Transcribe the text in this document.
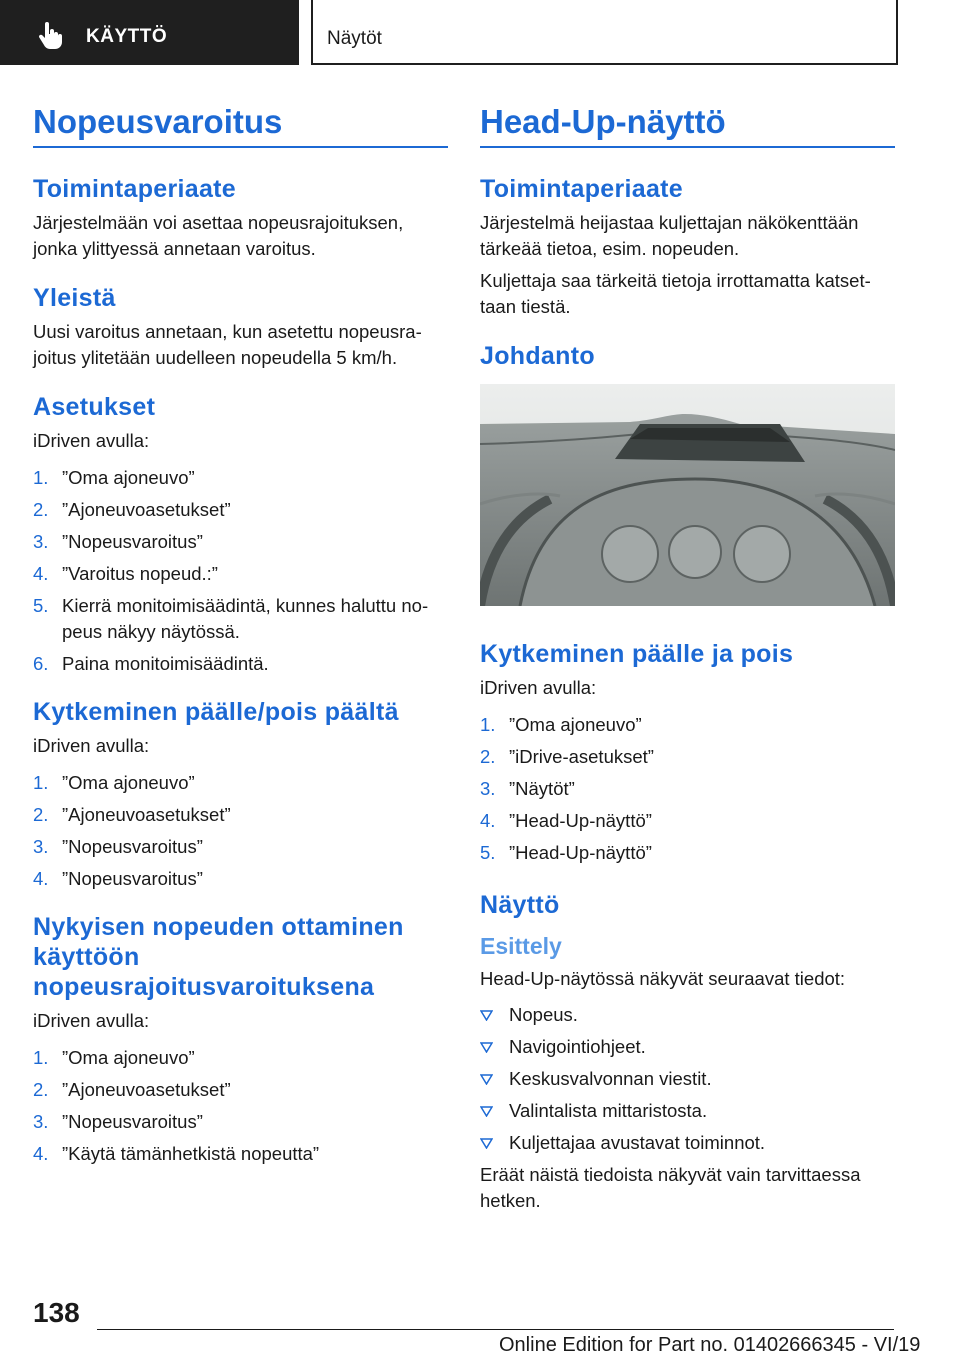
KÄYTTÖ	Näytöt
Nopeusvaroitus
Toimintaperiaate

Järjestelmään voi asettaa nopeusrajoituksen, jonka ylittyessä annetaan varoitus.

Yleistä

Uusi varoitus annetaan, kun asetettu nopeusrajoitus ylitetään uudelleen nopeudella 5 km/h.

Asetukset

iDriven avulla:

1. ”Oma ajoneuvo”
2. ”Ajoneuvoasetukset”
3. ”Nopeusvaroitus”
4. ”Varoitus nopeud.:”
5. Kierrä monitoimisäädintä, kunnes haluttu nopeus näkyy näytössä.
6. Paina monitoimisäädintä.
Kytkeminen päälle/pois päältä

iDriven avulla:

1. ”Oma ajoneuvo”
2. ”Ajoneuvoasetukset”
3. ”Nopeusvaroitus”
4. ”Nopeusvaroitus”
Nykyisen nopeuden ottaminen käyttöön nopeusrajoitusvaroituksena

iDriven avulla:

1. ”Oma ajoneuvo”
2. ”Ajoneuvoasetukset”
3. ”Nopeusvaroitus”
4. ”Käytä tämänhetkistä nopeutta”
Head-Up-näyttö
Toimintaperiaate

Järjestelmä heijastaa kuljettajan näkökenttään tärkeää tietoa, esim. nopeuden.

Kuljettaja saa tärkeitä tietoja irrottamatta katsettaan tiestä.

Johdanto
Kytkeminen päälle ja pois

iDriven avulla:

1. ”Oma ajoneuvo”
2. ”iDrive-asetukset”
3. ”Näytöt”
4. ”Head-Up-näyttö”
5. ”Head-Up-näyttö”
Näyttö
Esittely

Head-Up-näytössä näkyvät seuraavat tiedot:

Nopeus.
Navigointiohjeet.
Keskusvalvonnan viestit.
Valintalista mittaristosta.
Kuljettajaa avustavat toiminnot.

Eräät näistä tiedoista näkyvät vain tarvittaessa hetken.

138
Online Edition for Part no. 01402666345 - VI/19
